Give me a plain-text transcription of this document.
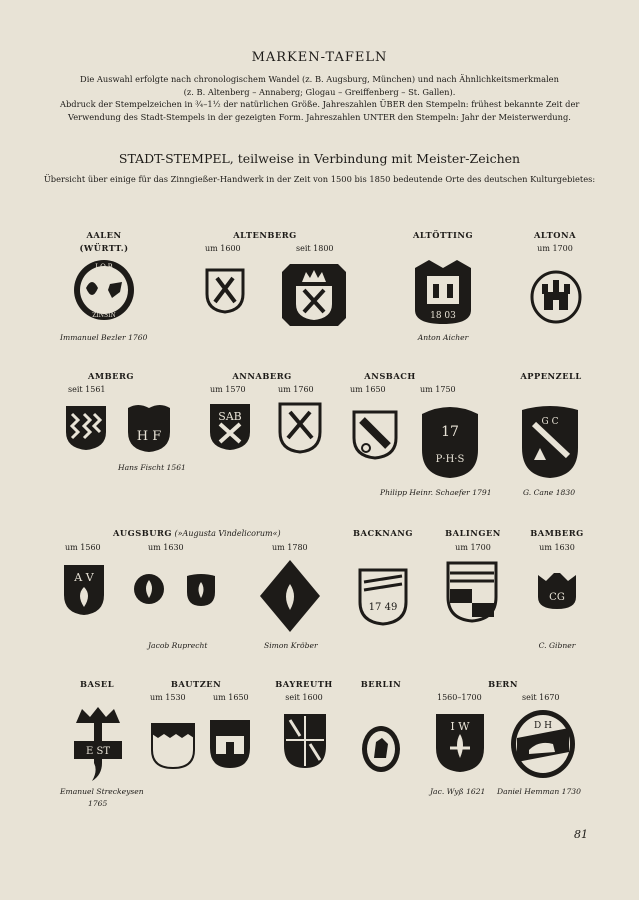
MARKEN-TAFELN
Die Auswahl erfolgte nach chronologischem Wandel (z. B. Augsburg, München) und nach Ähnlichkeitsmerkmalen
(z. B. Altenberg – Annaberg; Glogau – Greiffenberg – St. Gallen).
Abdruck der Stempelzeichen in ¾–1½ der natürlichen Größe. Jahreszahlen ÜBER den Stempeln: frühest bekannte Zeit der
Verwendung des Stadt-Stempels in der gezeigten Form. Jahreszahlen UNTER den Stempeln: Jahr der Meisterwerdung.
STADT-STEMPEL, teilweise in Verbindung mit Meister-Zeichen
Übersicht über einige für das Zinngießer-Handwerk in der Zeit von 1500 bis 1850 bedeutende Orte des deutschen Kulturgebietes:
AALEN
(WÜRTT.)
I.O.B
ZINSIN
Immanuel Bezler 1760
ALTENBERG
um 1600	seit 1800
ALTÖTTING
18 03
Anton Aicher
ALTONA
um 1700
AMBERG
seit 1561
H F
Hans Fischt 1561
ANNABERG
um 1570	um 1760
SAB
ANSBACH
um 1650	um 1750
17
P·H·S
Philipp Heinr. Schaefer 1791
APPENZELL
G C
G. Cane 1830
AUGSBURG (»Augusta Vindelicorum«)
um 1560	um 1630	um 1780
A V
Jacob Ruprecht	Simon Kröber
BACKNANG
17 49
BALINGEN
um 1700
BAMBERG
um 1630
CG
C. Gibner
BASEL
E ST
Emanuel Streckeysen
1765
BAUTZEN
um 1530	um 1650
BAYREUTH
seit 1600
BERLIN	BERN
1560–1700	seit 1670
I W	D H
Jac. Wyß 1621 Daniel Hemman 1730
81
